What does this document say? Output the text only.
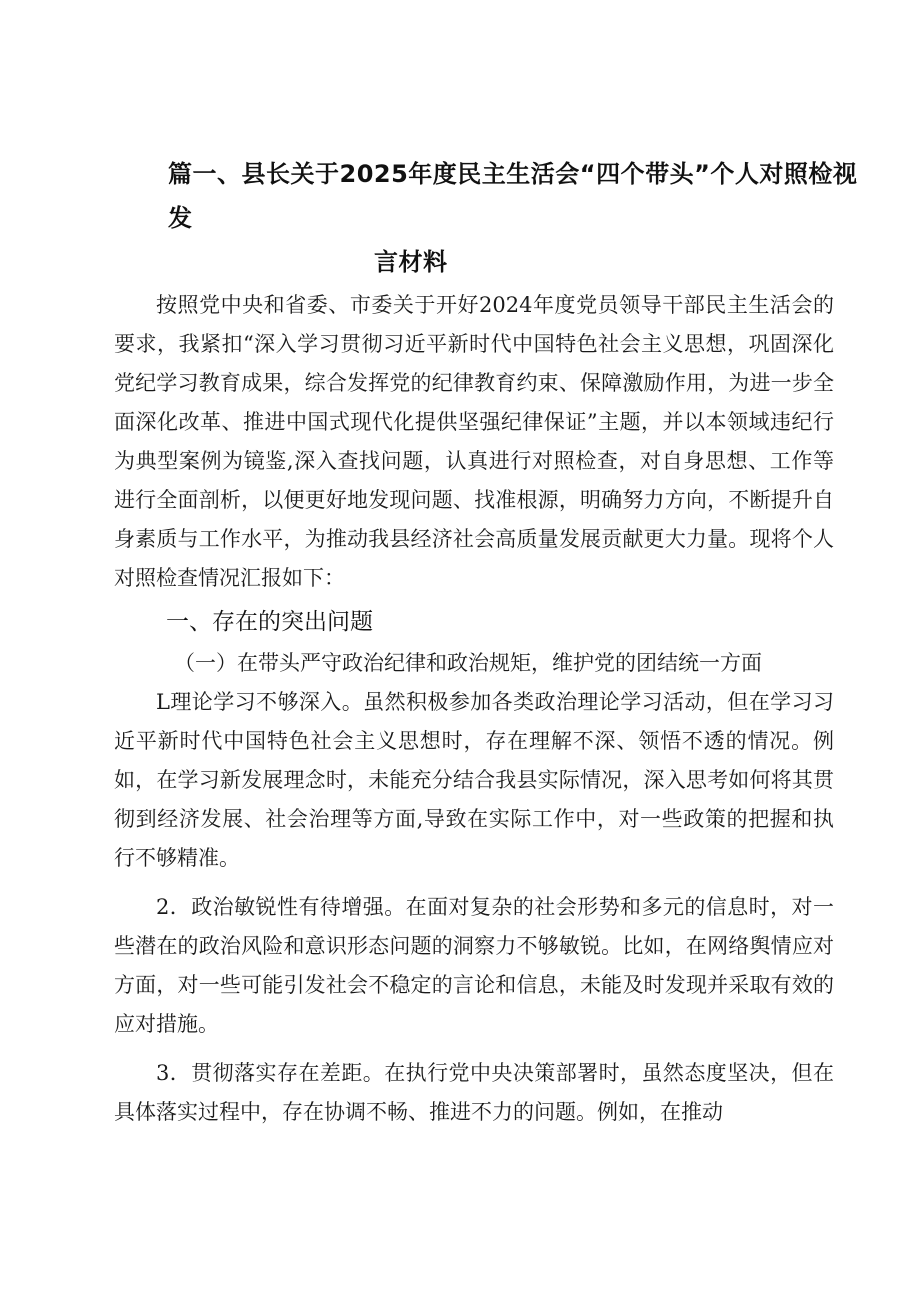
篇一、县长关于2025年度民主生活会“四个带头”个人对照检视发
言材料

按照党中央和省委、市委关于开好2024年度党员领导干部民主生活会的要求，我紧扣“深入学习贯彻习近平新时代中国特色社会主义思想，巩固深化党纪学习教育成果，综合发挥党的纪律教育约束、保障激励作用，为进一步全面深化改革、推进中国式现代化提供坚强纪律保证”主题，并以本领域违纪行为典型案例为镜鉴,深入查找问题，认真进行对照检查，对自身思想、工作等进行全面剖析，以便更好地发现问题、找准根源，明确努力方向，不断提升自身素质与工作水平，为推动我县经济社会高质量发展贡献更大力量。现将个人对照检查情况汇报如下：

一、存在的突出问题

（一）在带头严守政治纪律和政治规矩，维护党的团结统一方面

L理论学习不够深入。虽然积极参加各类政治理论学习活动，但在学习习近平新时代中国特色社会主义思想时，存在理解不深、领悟不透的情况。例如，在学习新发展理念时，未能充分结合我县实际情况，深入思考如何将其贯彻到经济发展、社会治理等方面,导致在实际工作中，对一些政策的把握和执行不够精准。

2．政治敏锐性有待增强。在面对复杂的社会形势和多元的信息时，对一些潜在的政治风险和意识形态问题的洞察力不够敏锐。比如，在网络舆情应对方面，对一些可能引发社会不稳定的言论和信息，未能及时发现并采取有效的应对措施。

3．贯彻落实存在差距。在执行党中央决策部署时，虽然态度坚决，但在具体落实过程中，存在协调不畅、推进不力的问题。例如，在推动
